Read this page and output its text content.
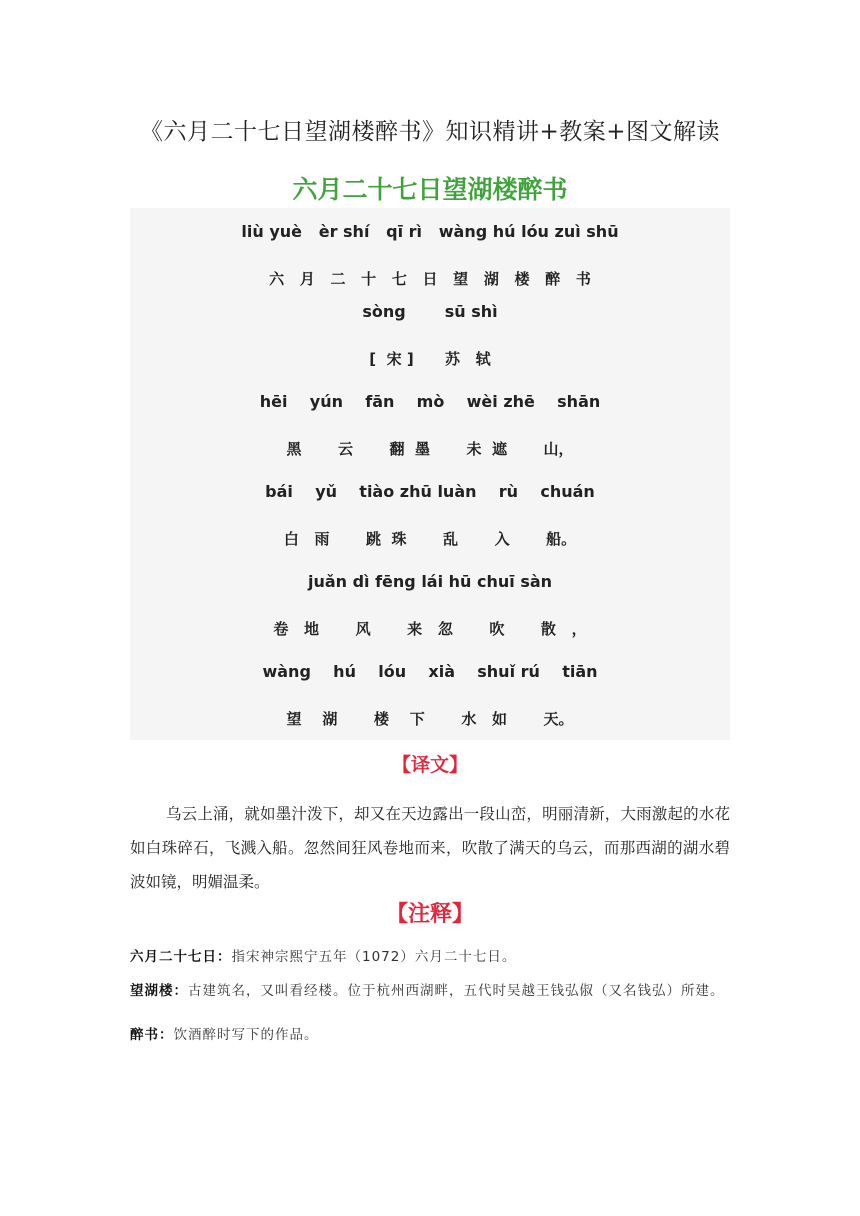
《六月二十七日望湖楼醉书》知识精讲+教案+图文解读
六月二十七日望湖楼醉书
liù yuè   èr shí   qī rì   wàng hú lóu zuì shū
六   月   二   十   七   日   望   湖   楼   醉   书
sòng       sū shì
[  宋 ]      苏   轼
hēi    yún    fān    mò    wèi zhē    shān
黑       云       翻  墨       未  遮       山，
bái    yǔ    tiào zhū luàn    rù    chuán
白   雨       跳  珠       乱       入       船。
juǎn dì fēng lái hū chuī sàn
卷   地       风       来   忽       吹       散   ，
wàng    hú    lóu    xià    shuǐ rú    tiān
望    湖       楼    下       水   如       天。
【译文】
乌云上涌，就如墨汁泼下，却又在天边露出一段山峦，明丽清新，大雨激起的水花如白珠碎石，飞溅入船。忽然间狂风卷地而来，吹散了满天的乌云，而那西湖的湖水碧波如镜，明媚温柔。
【注释】
六月二十七日：指宋神宗熙宁五年（1072）六月二十七日。
望湖楼：古建筑名，又叫看经楼。位于杭州西湖畔，五代时吴越王钱弘俶（又名钱弘）所建。
醉书：饮酒醉时写下的作品。
